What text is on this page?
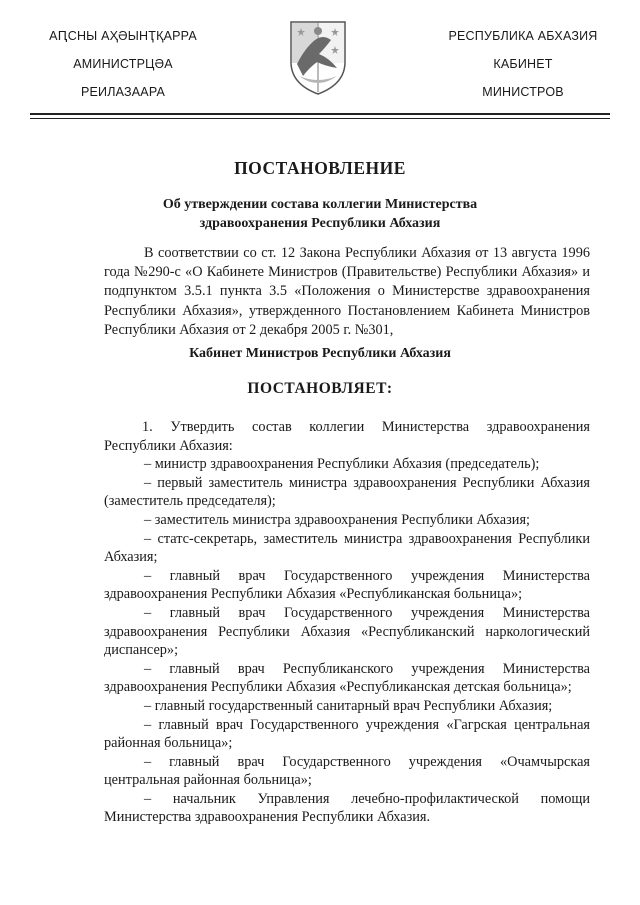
АԤСНЫ АҲӘЫНҬҚАРРА
АМИНИСТРЦӘА
РЕИЛАЗААРА
РЕСПУБЛИКА АБХАЗИЯ
КАБИНЕТ
МИНИСТРОВ
ПОСТАНОВЛЕНИЕ
Об утверждении состава коллегии Министерства
здравоохранения Республики Абхазия
В соответствии со ст. 12 Закона Республики Абхазия от 13 августа 1996 года №290-с «О Кабинете Министров (Правительстве) Республики Абхазия» и подпунктом 3.5.1 пункта 3.5 «Положения о Министерстве здравоохранения Республики Абхазия», утвержденного Постановлением Кабинета Министров Республики Абхазия от 2 декабря 2005 г. №301,
Кабинет Министров Республики Абхазия
ПОСТАНОВЛЯЕТ:

1. Утвердить состав коллегии Министерства здравоохранения Республики Абхазия:

– министр здравоохранения Республики Абхазия (председатель);

– первый заместитель министра здравоохранения Республики Абхазия (заместитель председателя);

– заместитель министра здравоохранения Республики Абхазия;

– статс-секретарь, заместитель министра здравоохранения Республики Абхазия;

– главный врач Государственного учреждения Министерства здравоохранения Республики Абхазия «Республиканская больница»;

– главный врач Государственного учреждения Министерства здравоохранения Республики Абхазия «Республиканский наркологический диспансер»;

– главный врач Республиканского учреждения Министерства здравоохранения Республики Абхазия «Республиканская детская больница»;

– главный государственный санитарный врач Республики Абхазия;

– главный врач Государственного учреждения «Гагрская центральная районная больница»;

– главный врач Государственного учреждения «Очамчырская центральная районная больница»;

– начальник Управления лечебно-профилактической помощи Министерства здравоохранения Республики Абхазия.
